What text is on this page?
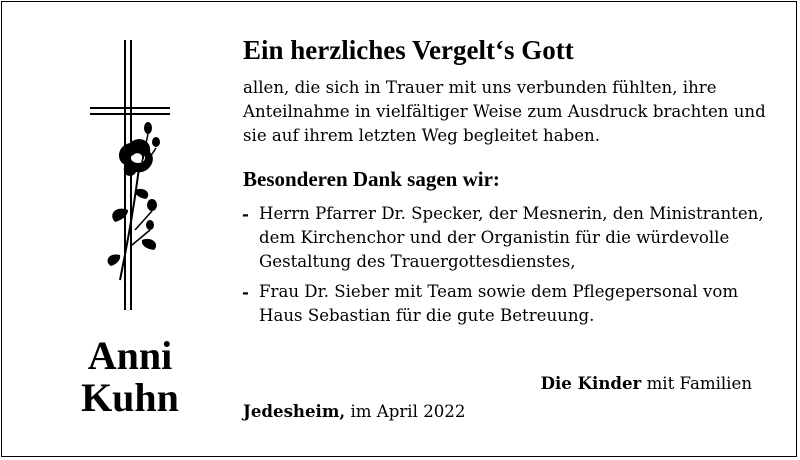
Anni
Kuhn
Ein herzliches Vergelt‘s Gott

allen, die sich in Trauer mit uns verbunden fühlten, ihre Anteilnahme in vielfältiger Weise zum Ausdruck brachten und sie auf ihrem letzten Weg begleitet haben.

Besonderen Dank sagen wir:
- Herrn Pfarrer Dr. Specker, der Mesnerin, den Ministranten, dem Kirchenchor und der Organistin für die würdevolle Gestaltung des Trauergottesdienstes,
- Frau Dr. Sieber mit Team sowie dem Pflegepersonal vom Haus Sebastian für die gute Betreuung.
Die Kinder mit Familien
Jedesheim, im April 2022
